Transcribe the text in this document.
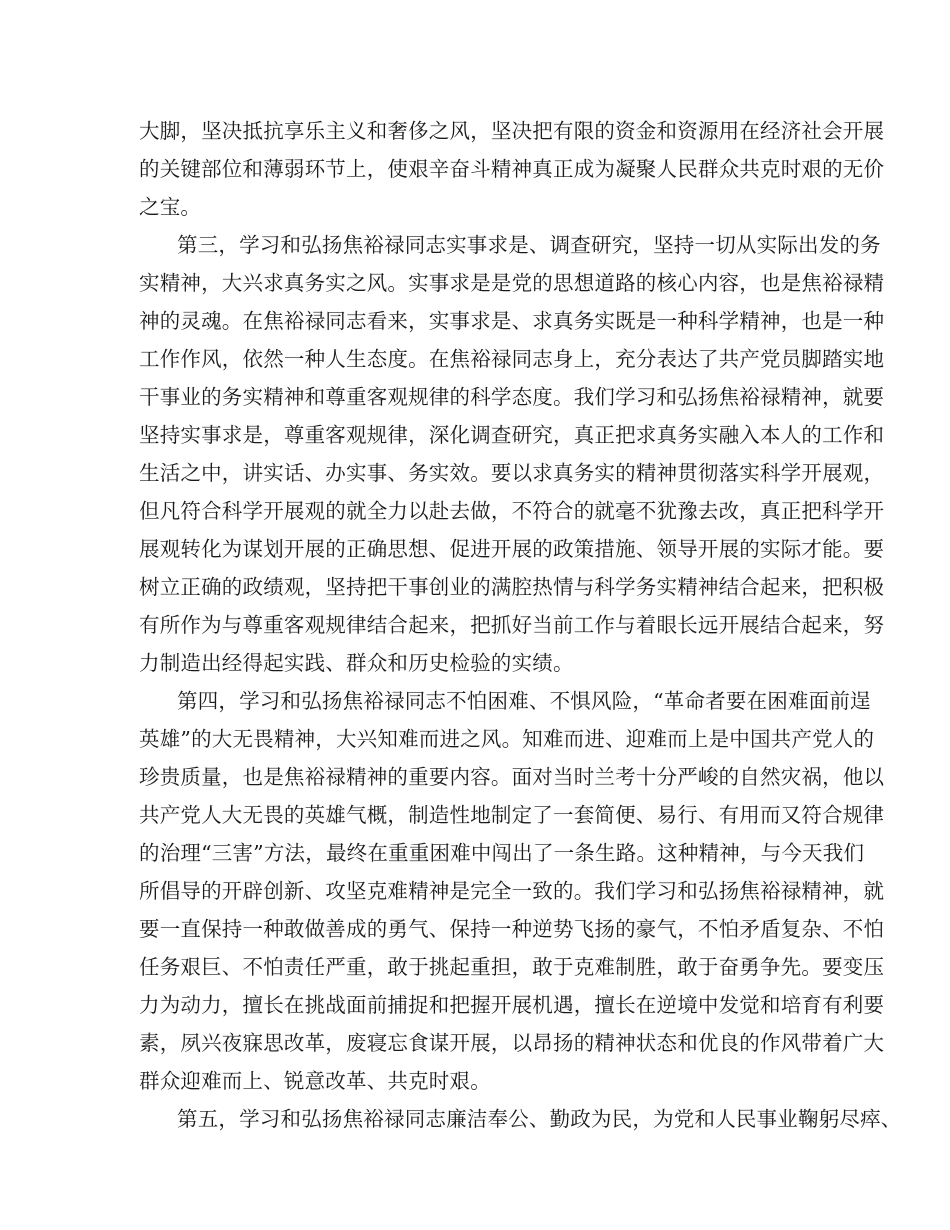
大脚，坚决抵抗享乐主义和奢侈之风，坚决把有限的资金和资源用在经济社会开展
的关键部位和薄弱环节上，使艰辛奋斗精神真正成为凝聚人民群众共克时艰的无价
之宝。
第三，学习和弘扬焦裕禄同志实事求是、调查研究，坚持一切从实际出发的务
实精神，大兴求真务实之风。实事求是是党的思想道路的核心内容，也是焦裕禄精
神的灵魂。在焦裕禄同志看来，实事求是、求真务实既是一种科学精神，也是一种
工作作风，依然一种人生态度。在焦裕禄同志身上，充分表达了共产党员脚踏实地
干事业的务实精神和尊重客观规律的科学态度。我们学习和弘扬焦裕禄精神，就要
坚持实事求是，尊重客观规律，深化调查研究，真正把求真务实融入本人的工作和
生活之中，讲实话、办实事、务实效。要以求真务实的精神贯彻落实科学开展观，
但凡符合科学开展观的就全力以赴去做，不符合的就毫不犹豫去改，真正把科学开
展观转化为谋划开展的正确思想、促进开展的政策措施、领导开展的实际才能。要
树立正确的政绩观，坚持把干事创业的满腔热情与科学务实精神结合起来，把积极
有所作为与尊重客观规律结合起来，把抓好当前工作与着眼长远开展结合起来，努
力制造出经得起实践、群众和历史检验的实绩。
第四，学习和弘扬焦裕禄同志不怕困难、不惧风险，“革命者要在困难面前逞
英雄”的大无畏精神，大兴知难而进之风。知难而进、迎难而上是中国共产党人的
珍贵质量，也是焦裕禄精神的重要内容。面对当时兰考十分严峻的自然灾祸，他以
共产党人大无畏的英雄气概，制造性地制定了一套简便、易行、有用而又符合规律
的治理“三害”方法，最终在重重困难中闯出了一条生路。这种精神，与今天我们
所倡导的开辟创新、攻坚克难精神是完全一致的。我们学习和弘扬焦裕禄精神，就
要一直保持一种敢做善成的勇气、保持一种逆势飞扬的豪气，不怕矛盾复杂、不怕
任务艰巨、不怕责任严重，敢于挑起重担，敢于克难制胜，敢于奋勇争先。要变压
力为动力，擅长在挑战面前捕捉和把握开展机遇，擅长在逆境中发觉和培育有利要
素，夙兴夜寐思改革，废寝忘食谋开展，以昂扬的精神状态和优良的作风带着广大
群众迎难而上、锐意改革、共克时艰。
第五，学习和弘扬焦裕禄同志廉洁奉公、勤政为民，为党和人民事业鞠躬尽瘁、
